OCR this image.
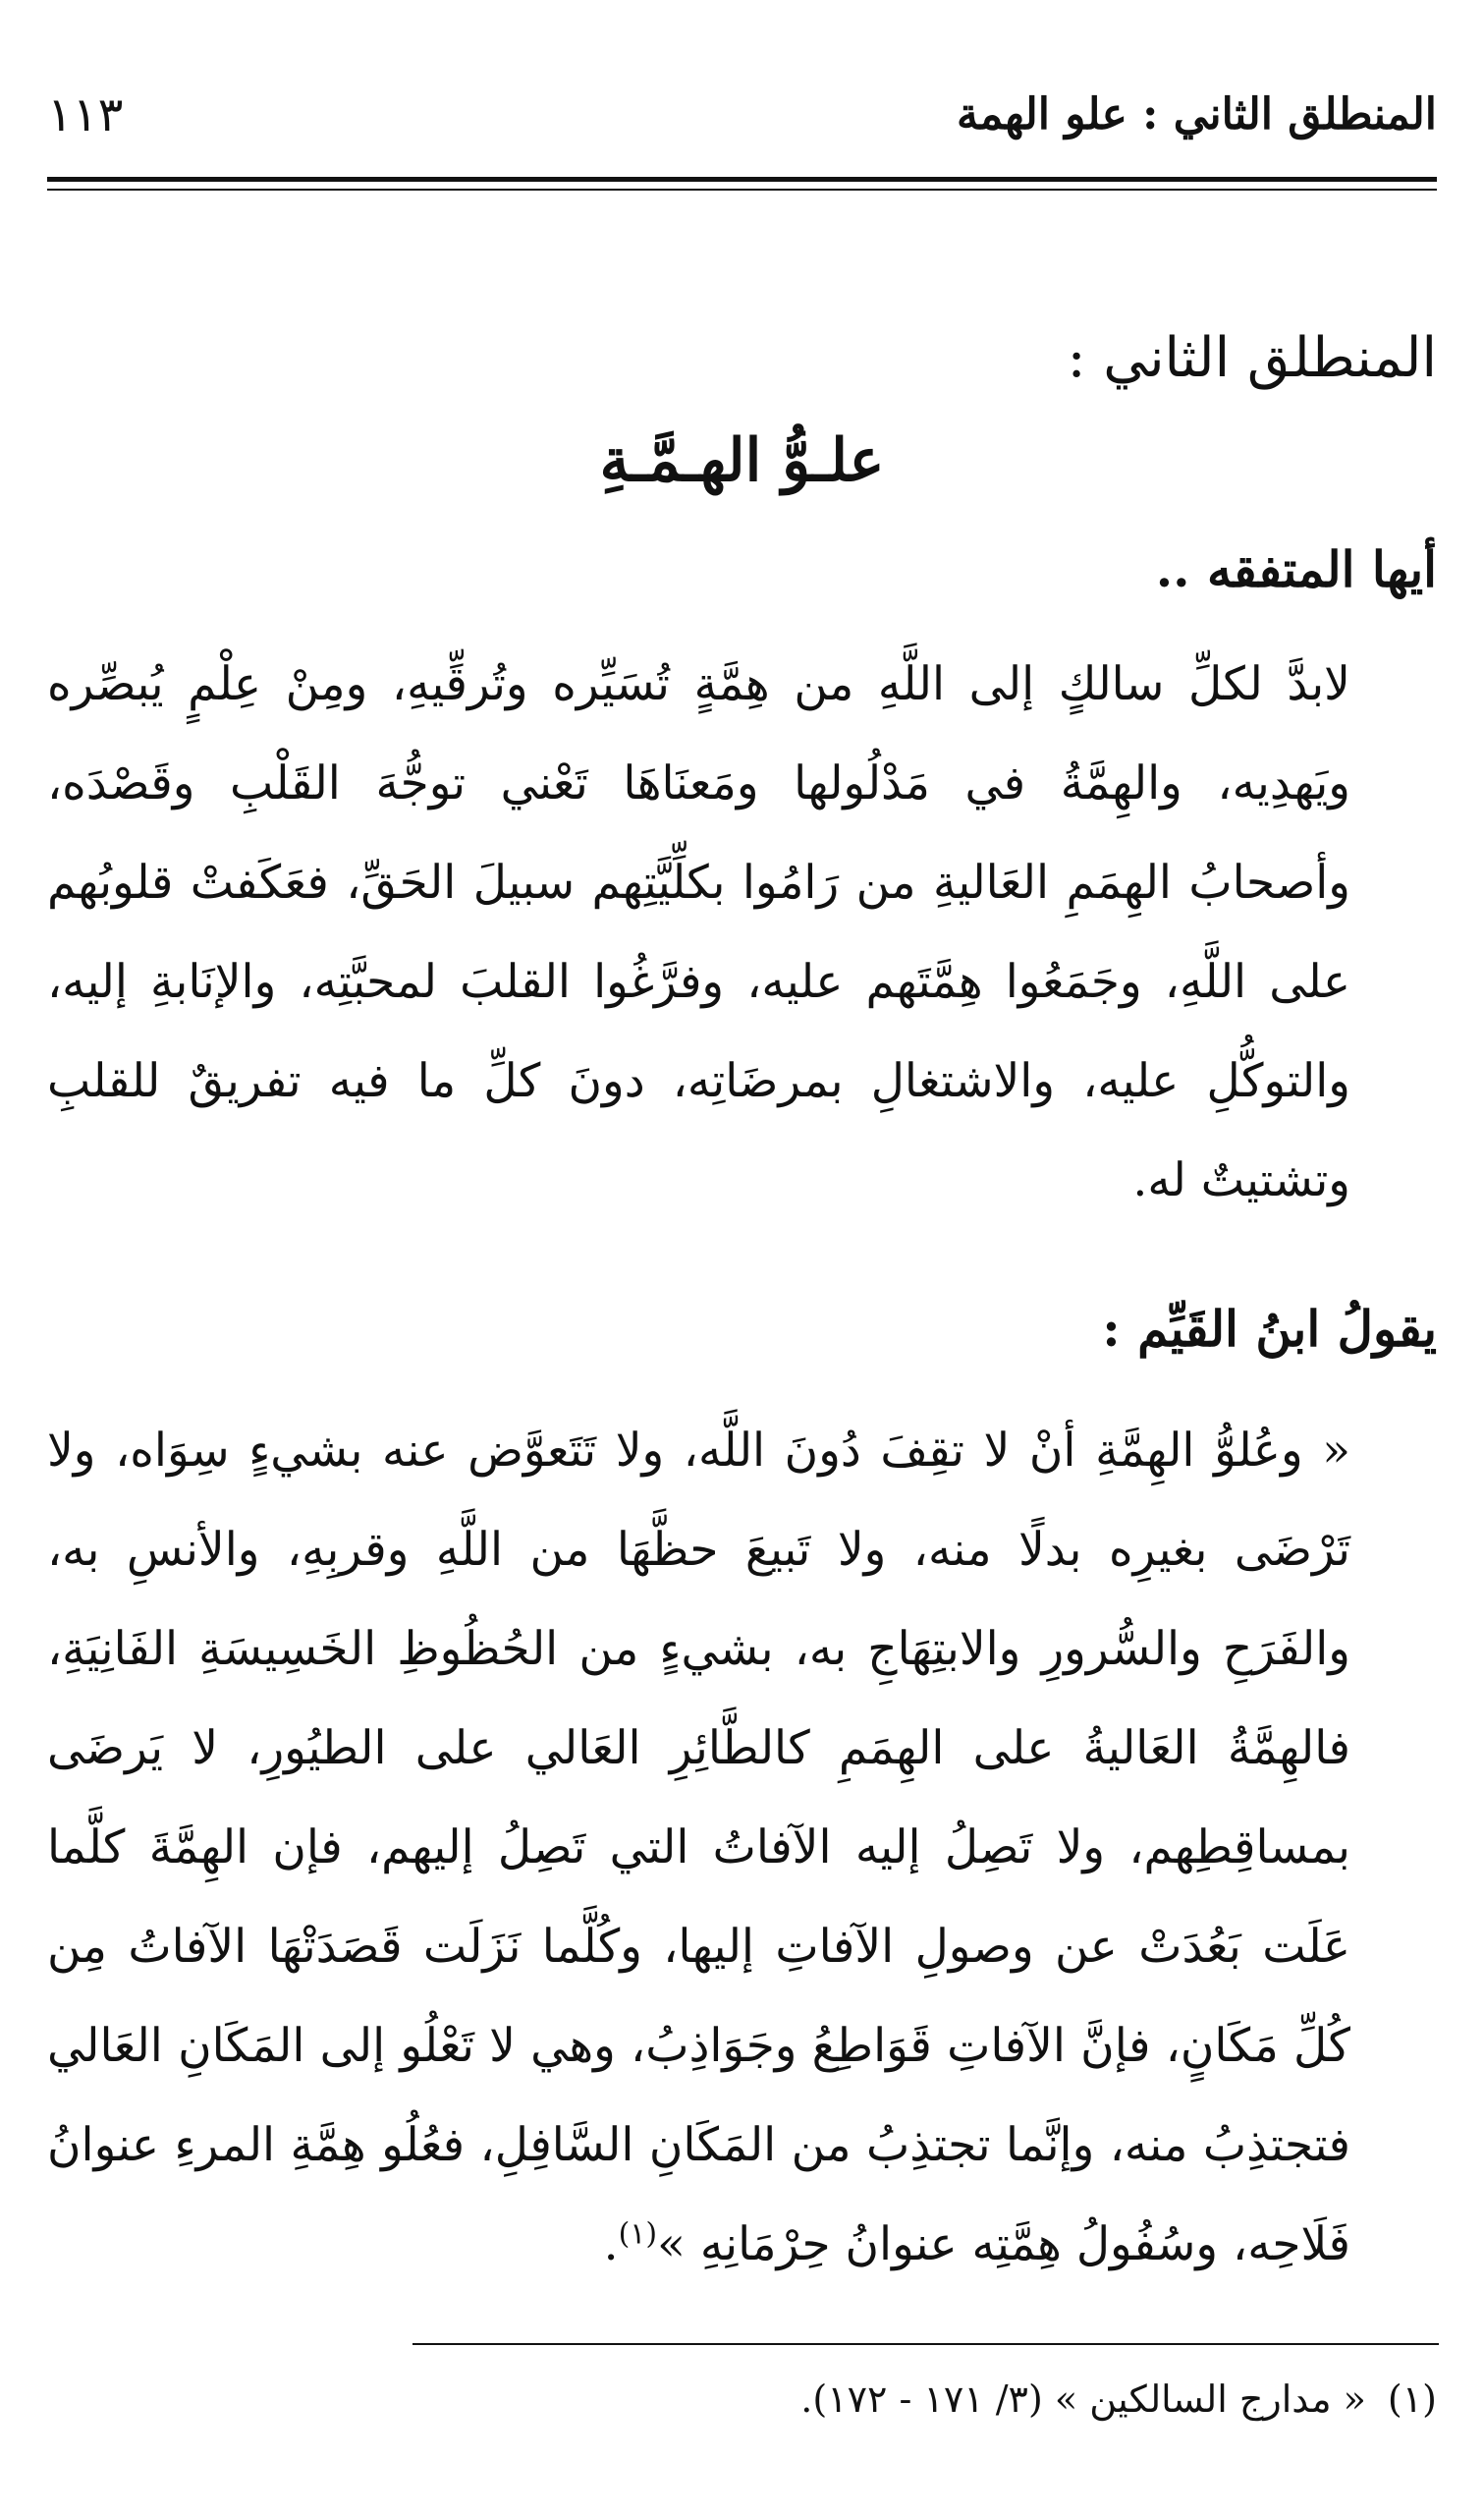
المنطلق الثاني : علو الهمة
١١٣
المنطلق الثاني :
علـوُّ الهـمَّـةِ
أيها المتفقه ..

لابدَّ لكلِّ سالكٍ إلى اللَّهِ من هِمَّةٍ تُسَيِّره وتُرقِّيهِ، ومِنْ عِلْمٍ يُبصِّره ويَهدِيه، والهِمَّةُ في مَدْلُولها ومَعنَاهَا تَعْني توجُّهَ القَلْبِ وقَصْدَه، وأصحابُ الهِمَمِ العَاليةِ من رَامُوا بكلِّيَّتِهم سبيلَ الحَقِّ، فعَكَفتْ قلوبُهم على اللَّهِ، وجَمَعُوا هِمَّتَهم عليه، وفرَّغُوا القلبَ لمحبَّتِه، والإنَابةِ إليه، والتوكُّلِ عليه، والاشتغالِ بمرضَاتِه، دونَ كلِّ ما فيه تفريقٌ للقلبِ وتشتيتٌ له.

يقولُ ابنُ القَيِّم :

« وعُلوُّ الهِمَّةِ أنْ لا تقِفَ دُونَ اللَّه، ولا تَتَعوَّض عنه بشيءٍ سِوَاه، ولا تَرْضَى بغيرِه بدلًا منه، ولا تَبيعَ حظَّهَا من اللَّهِ وقربِهِ، والأنسِ به، والفَرَحِ والسُّرورِ والابتِهَاجِ به، بشيءٍ من الحُظُوظِ الخَسِيسَةِ الفَانِيَةِ، فالهِمَّةُ العَاليةُ على الهِمَمِ كالطَّائِرِ العَالي على الطيُورِ، لا يَرضَى بمساقِطِهم، ولا تَصِلُ إليه الآفاتُ التي تَصِلُ إليهم، فإن الهِمَّةَ كلَّما عَلَت بَعُدَتْ عن وصولِ الآفاتِ إليها، وكُلَّما نَزَلَت قَصَدَتْهَا الآفاتُ مِن كُلِّ مَكَانٍ، فإنَّ الآفاتِ قَوَاطِعُ وجَوَاذِبُ، وهي لا تَعْلُو إلى المَكَانِ العَالي فتجتذِبُ منه، وإنَّما تجتذِبُ من المَكَانِ السَّافِلِ، فعُلُو هِمَّةِ المرءِ عنوانُ فَلَاحِه، وسُفُولُ هِمَّتِه عنوانُ حِرْمَانِهِ »$^{(١)}$.

(١)« مدارج السالكين » (٣/ ١٧١ - ١٧٢).
